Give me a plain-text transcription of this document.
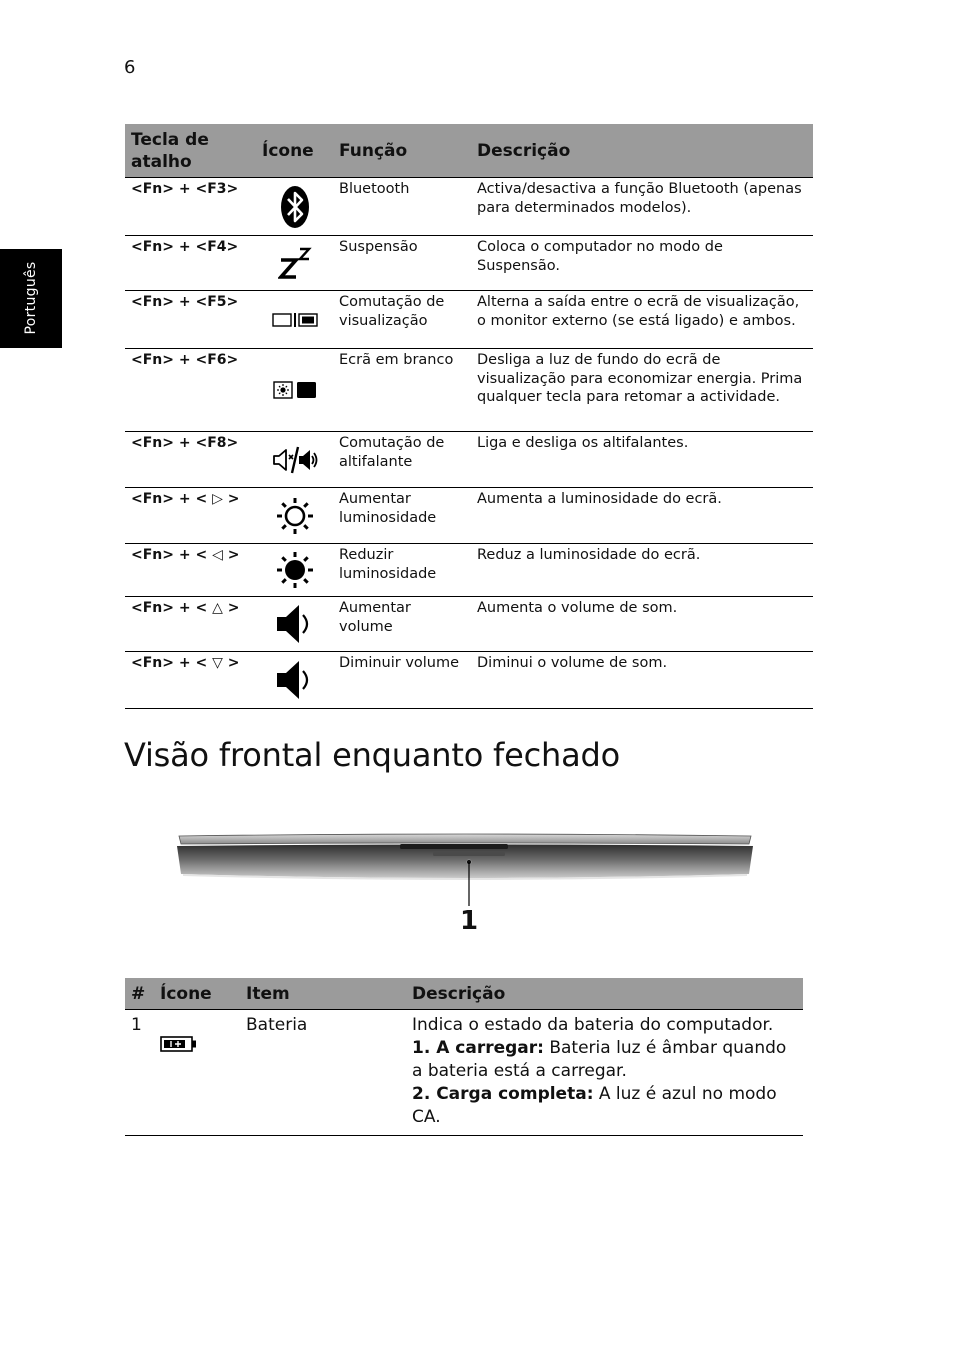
6
Português
Tecla de atalho	Ícone	Função	Descrição
<Fn> + <F3>		Bluetooth	Activa/desactiva a função Bluetooth (apenas para determinados modelos).
<Fn> + <F4>		Suspensão	Coloca o computador no modo de Suspensão.
<Fn> + <F5>		Comutação de visualização	Alterna a saída entre o ecrã de visualização, o monitor externo (se está ligado) e ambos.
<Fn> + <F6>		Ecrã em branco	Desliga a luz de fundo do ecrã de visualização para economizar energia. Prima qualquer tecla para retomar a actividade.
<Fn> + <F8>		Comutação de altifalante	Liga e desliga os altifalantes.
<Fn> + < ▷ >		Aumentar luminosidade	Aumenta a luminosidade do ecrã.
<Fn> + < ◁ >		Reduzir luminosidade	Reduz a luminosidade do ecrã.
<Fn> + < △ >		Aumentar volume	Aumenta o volume de som.
<Fn> + < ▽ >		Diminuir volume	Diminui o volume de som.
Visão frontal enquanto fechado
1
#	Ícone	Item	Descrição
1		Bateria	Indica o estado da bateria do computador.
1. A carregar: Bateria luz é âmbar quando a bateria está a carregar.
2. Carga completa: A luz é azul no modo CA.
